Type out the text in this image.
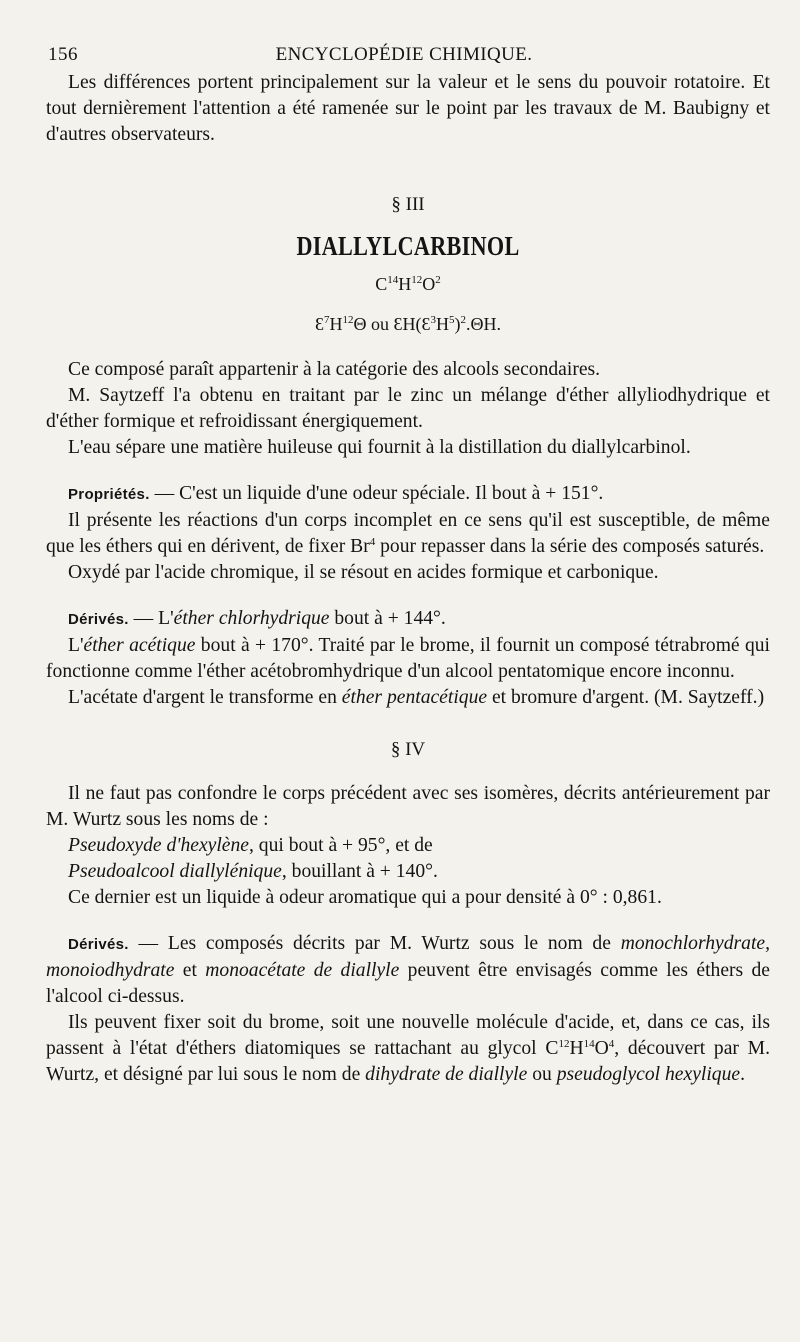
156	ENCYCLOPÉDIE CHIMIQUE.

Les différences portent principalement sur la valeur et le sens du pouvoir rotatoire. Et tout dernièrement l'attention a été ramenée sur le point par les travaux de M. Baubigny et d'autres observateurs.

§ III
DIALLYLCARBINOL
$C^{14}H^{12}O^2$
$Ɛ^7H^{12}\Theta$ ou $ƐH(Ɛ^3H^5)^2.\Theta H$.

Ce composé paraît appartenir à la catégorie des alcools secondaires.

M. Saytzeff l'a obtenu en traitant par le zinc un mélange d'éther allyliodhydrique et d'éther formique et refroidissant énergiquement.

L'eau sépare une matière huileuse qui fournit à la distillation du diallylcarbinol.

Propriétés. — C'est un liquide d'une odeur spéciale. Il bout à + 151°.

Il présente les réactions d'un corps incomplet en ce sens qu'il est susceptible, de même que les éthers qui en dérivent, de fixer Br$^4$ pour repasser dans la série des composés saturés.

Oxydé par l'acide chromique, il se résout en acides formique et carbonique.

Dérivés. — L'éther chlorhydrique bout à + 144°.

L'éther acétique bout à + 170°. Traité par le brome, il fournit un composé tétrabromé qui fonctionne comme l'éther acétobromhydrique d'un alcool pentatomique encore inconnu.

L'acétate d'argent le transforme en éther pentacétique et bromure d'argent. (M. Saytzeff.)

§ IV

Il ne faut pas confondre le corps précédent avec ses isomères, décrits antérieurement par M. Wurtz sous les noms de :

Pseudoxyde d'hexylène, qui bout à + 95°, et de

Pseudoalcool diallylénique, bouillant à + 140°.

Ce dernier est un liquide à odeur aromatique qui a pour densité à 0° : 0,861.

Dérivés. — Les composés décrits par M. Wurtz sous le nom de monochlorhydrate, monoiodhydrate et monoacétate de diallyle peuvent être envisagés comme les éthers de l'alcool ci-dessus.

Ils peuvent fixer soit du brome, soit une nouvelle molécule d'acide, et, dans ce cas, ils passent à l'état d'éthers diatomiques se rattachant au glycol $C^{12}H^{14}O^4$, découvert par M. Wurtz, et désigné par lui sous le nom de dihydrate de diallyle ou pseudoglycol hexylique.
